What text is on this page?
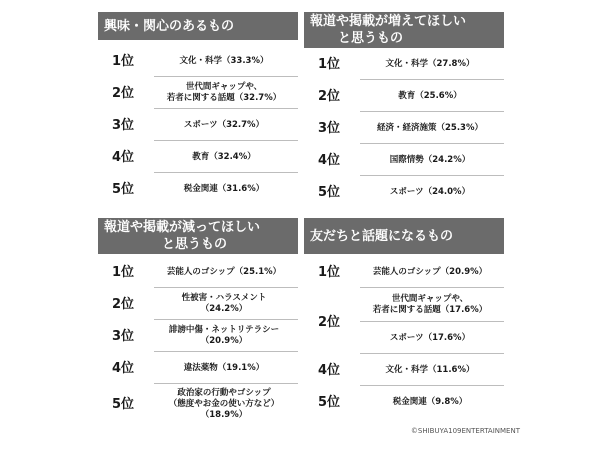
興味・関心のあるもの
1位	文化・科学（33.3%）
2位	世代間ギャップや、
若者に関する話題（32.7%）
3位	スポーツ（32.7%）
4位	教育（32.4%）
5位	税金関連（31.6%）
報道や掲載が増えてほしい
と思うもの
1位	文化・科学（27.8%）
2位	教育（25.6%）
3位	経済・経済施策（25.3%）
4位	国際情勢（24.2%）
5位	スポーツ（24.0%）
報道や掲載が減ってほしい
と思うもの
1位	芸能人のゴシップ（25.1%）
2位	性被害・ハラスメント
（24.2%）
3位	誹謗中傷・ネットリテラシー
（20.9%）
4位	違法薬物（19.1%）
5位
政治家の行動やゴシップ
（態度やお金の使い方など）
（18.9%）
友だちと話題になるもの
1位	芸能人のゴシップ（20.9%）
2位
世代間ギャップや、
若者に関する話題（17.6%）
スポーツ（17.6%）
4位	文化・科学（11.6%）
5位	税金関連（9.8%）
©SHIBUYA109ENTERTAINMENT
